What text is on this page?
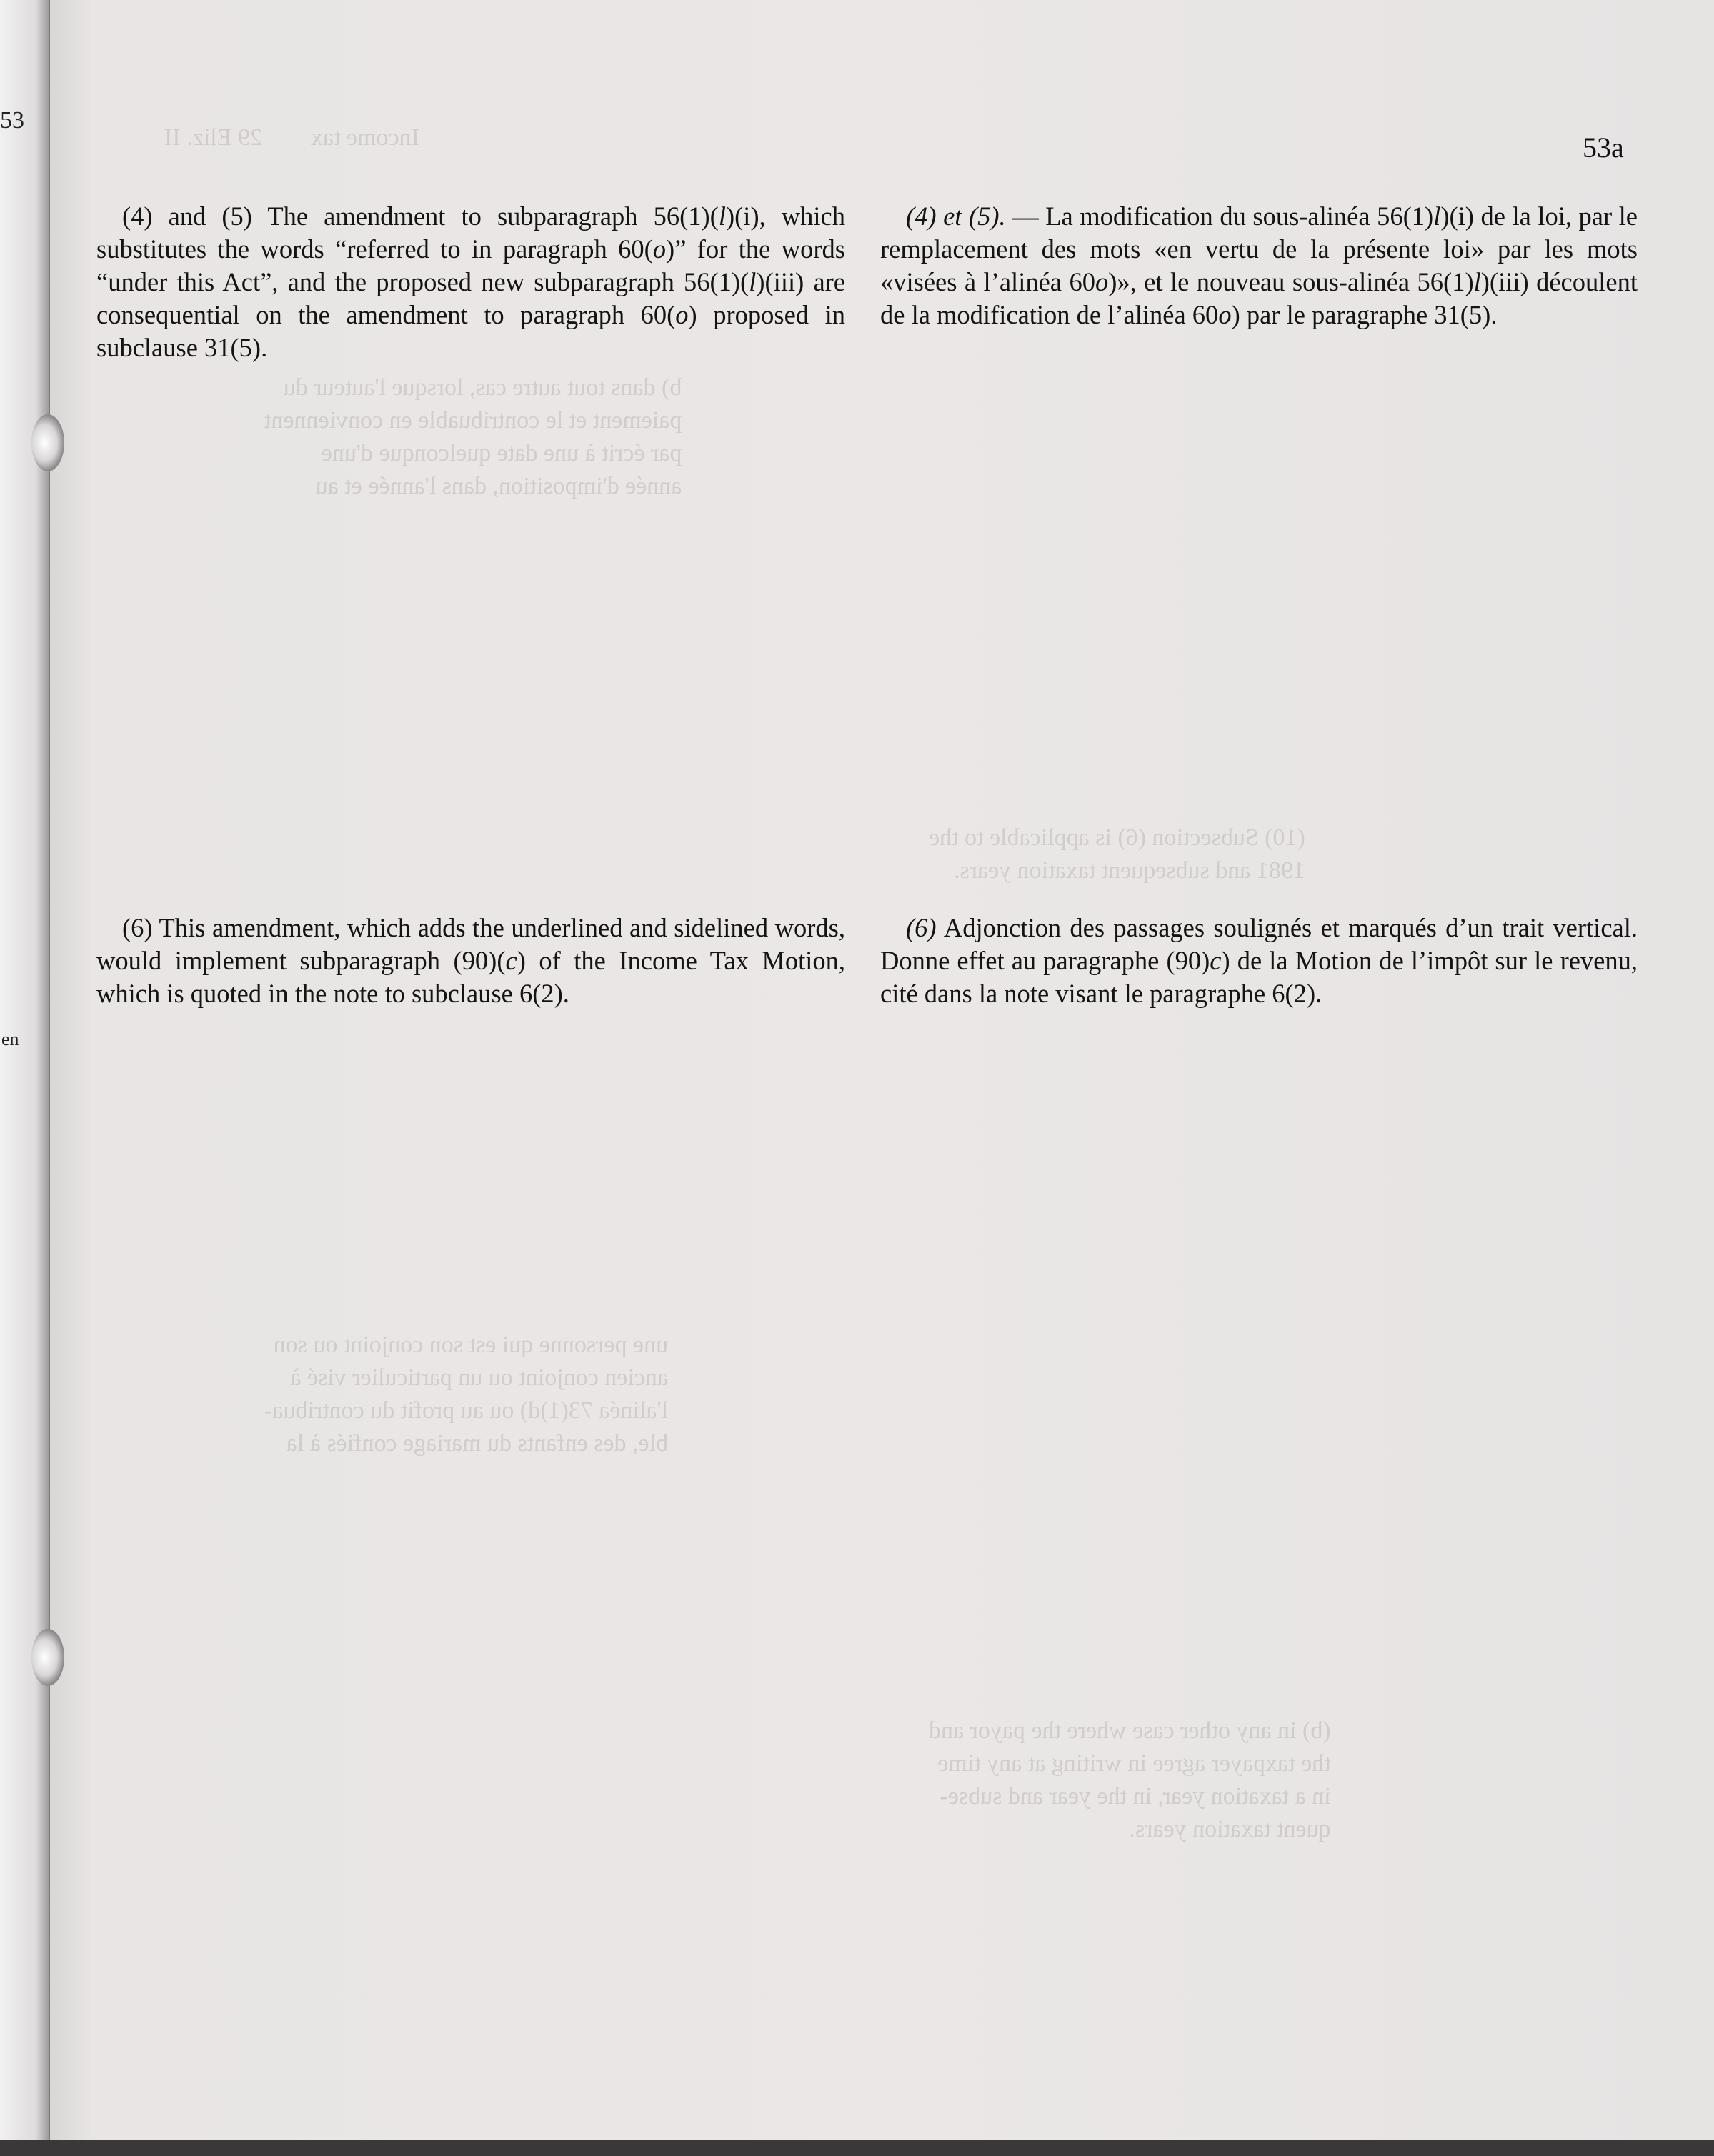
53
en
Income tax        29 Eliz. II
b) dans tout autre cas, lorsque l'auteur du
paiement et le contribuable en conviennent
par écrit à une date quelconque d'une
année d'imposition, dans l'année et au
(10) Subsection (6) is applicable to the
1981 and subsequent taxation years.
une personne qui est son conjoint ou son
ancien conjoint ou un particulier visé à
l'alinéa 73(1)d) ou au profit du contribua-
ble, des enfants du mariage confiés à la
(b) in any other case where the payor and
the taxpayer agree in writing at any time
in a taxation year, in the year and subse-
quent taxation years.
53a

(4) and (5) The amendment to subparagraph 56(1)(l)(i), which substitutes the words “referred to in paragraph 60(o)” for the words “under this Act”, and the proposed new subparagraph 56(1)(l)(iii) are consequential on the amendment to paragraph 60(o) proposed in subclause 31(5).

(6) This amendment, which adds the underlined and sidelined words, would implement subparagraph (90)(c) of the Income Tax Motion, which is quoted in the note to subclause 6(2).

(4) et (5). — La modification du sous-alinéa 56(1)l)(i) de la loi, par le remplacement des mots «en vertu de la présente loi» par les mots «visées à l’alinéa 60o)», et le nouveau sous-alinéa 56(1)l)(iii) découlent de la modification de l’alinéa 60o) par le paragraphe 31(5).

(6) Adjonction des passages soulignés et marqués d’un trait vertical. Donne effet au paragraphe (90)c) de la Motion de l’impôt sur le revenu, cité dans la note visant le paragraphe 6(2).
